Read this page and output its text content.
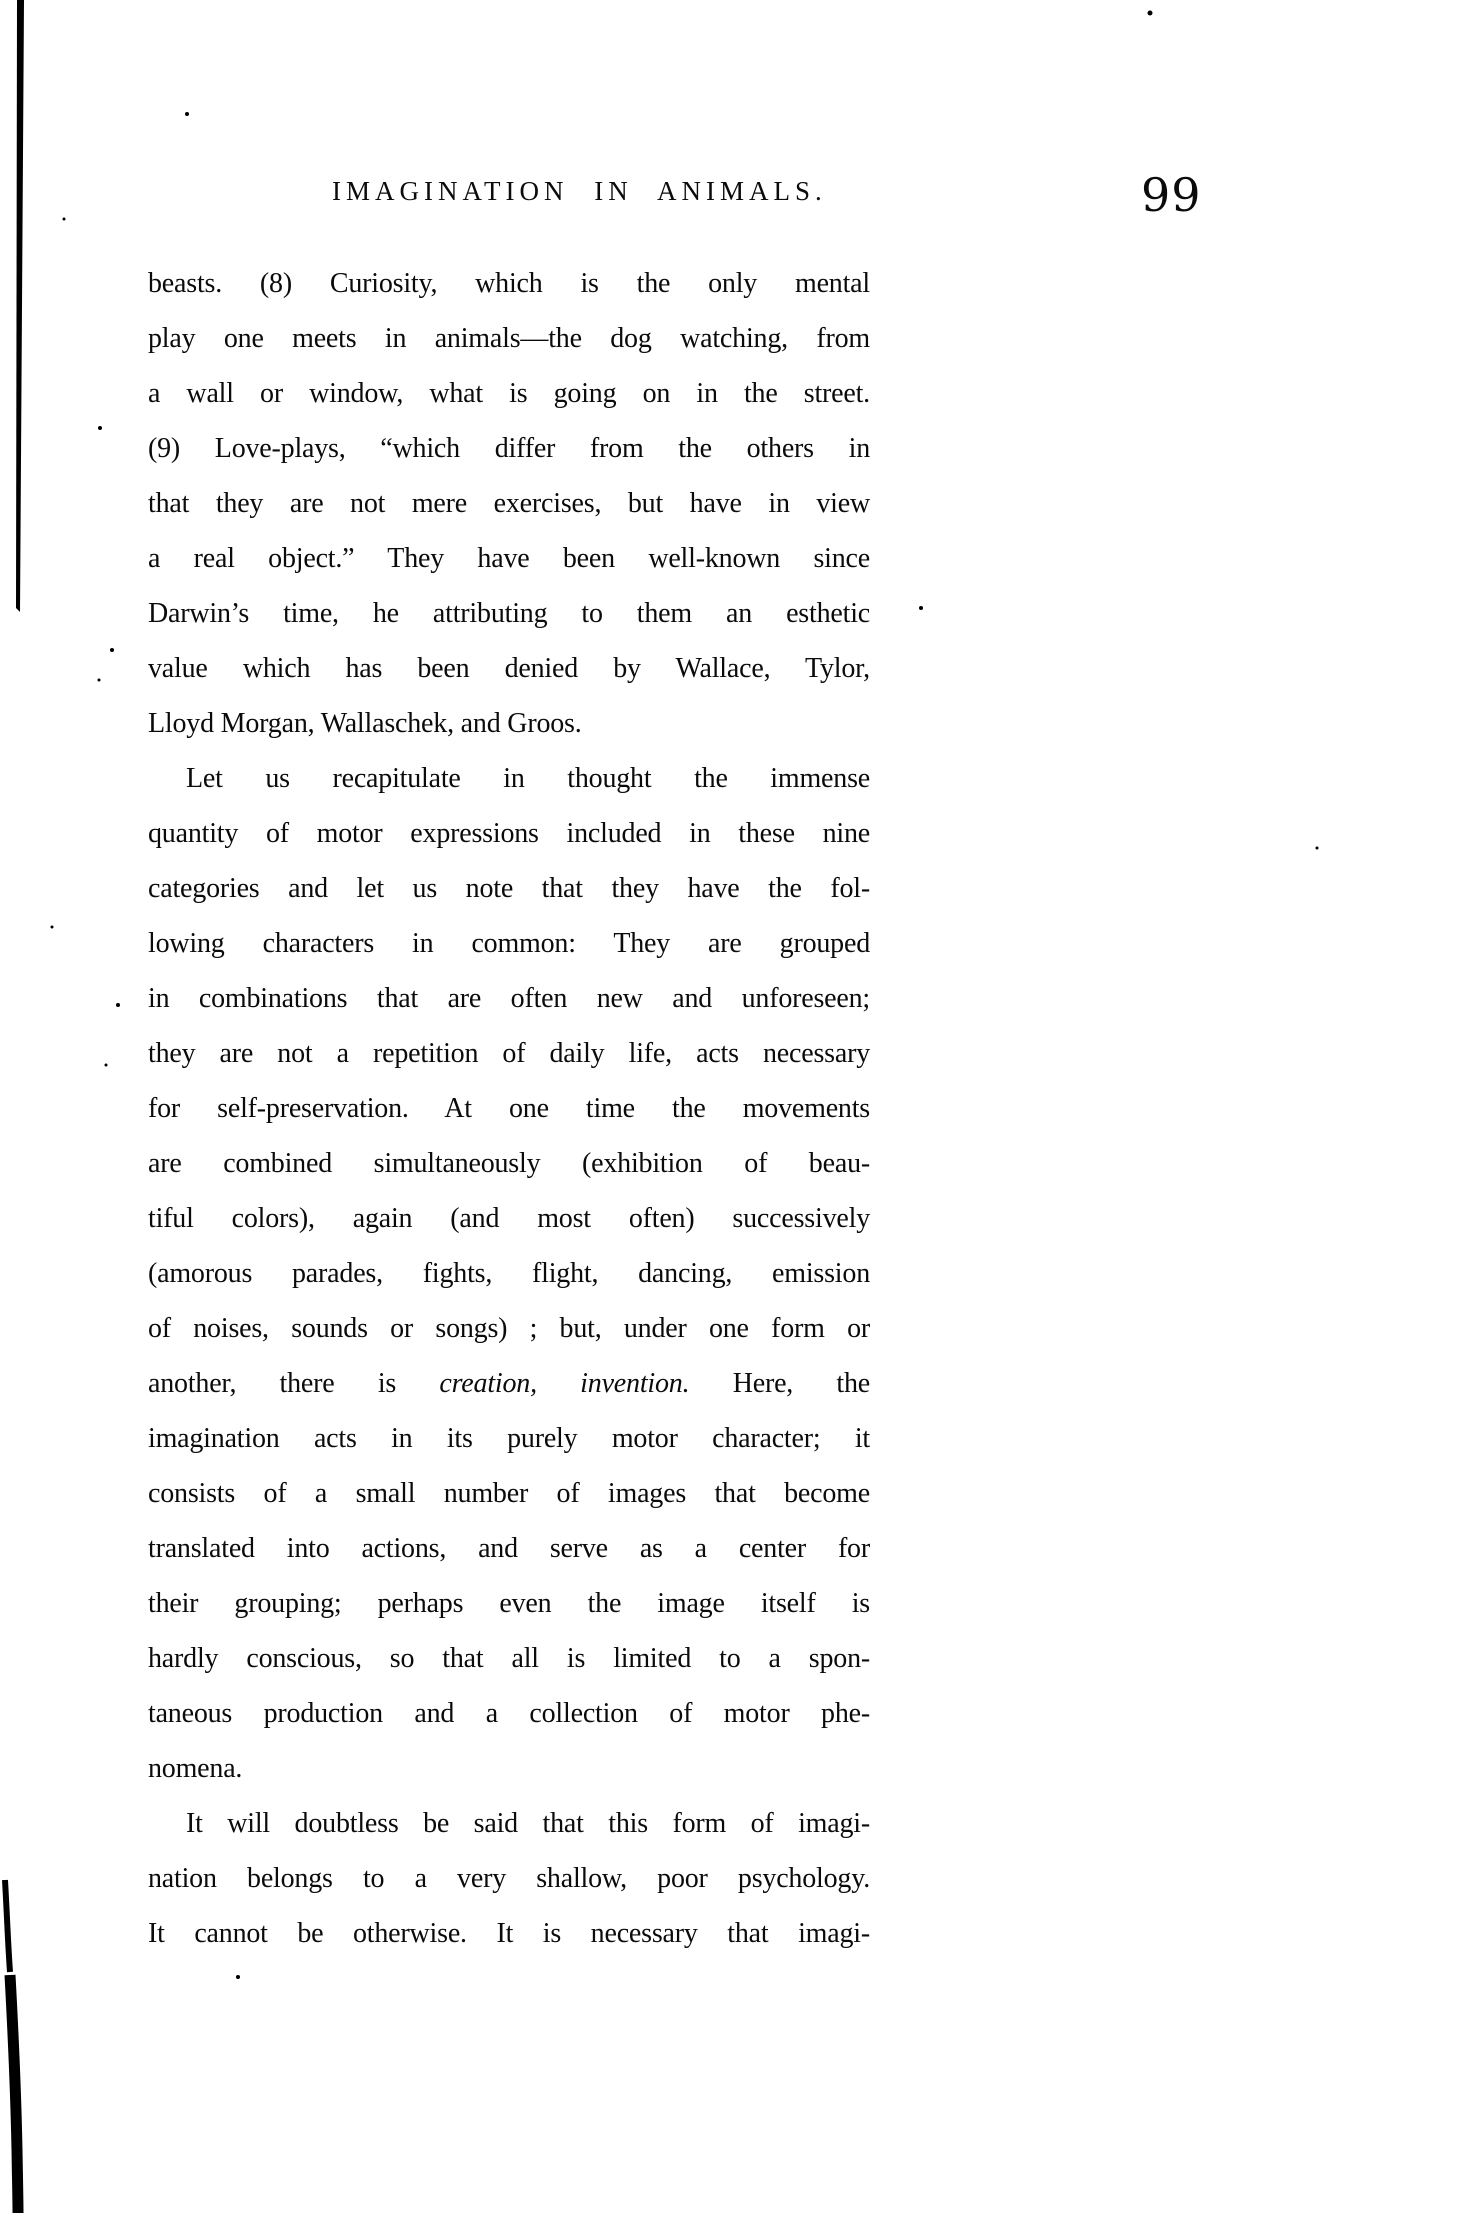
IMAGINATION IN ANIMALS.	99
beasts. (8) Curiosity, which is the only mental
play one meets in animals—the dog watching, from
a wall or window, what is going on in the street.
(9) Love-plays, “which differ from the others in
that they are not mere exercises, but have in view
a real object.” They have been well-known since
Darwin’s time, he attributing to them an esthetic
value which has been denied by Wallace, Tylor,
Lloyd Morgan, Wallaschek, and Groos.
Let us recapitulate in thought the immense
quantity of motor expressions included in these nine
categories and let us note that they have the fol-
lowing characters in common: They are grouped
in combinations that are often new and unforeseen;
they are not a repetition of daily life, acts necessary
for self-preservation. At one time the movements
are combined simultaneously (exhibition of beau-
tiful colors), again (and most often) successively
(amorous parades, fights, flight, dancing, emission
of noises, sounds or songs) ; but, under one form or
another, there is creation, invention. Here, the
imagination acts in its purely motor character; it
consists of a small number of images that become
translated into actions, and serve as a center for
their grouping; perhaps even the image itself is
hardly conscious, so that all is limited to a spon-
taneous production and a collection of motor phe-
nomena.
It will doubtless be said that this form of imagi-
nation belongs to a very shallow, poor psychology.
It cannot be otherwise. It is necessary that imagi-
